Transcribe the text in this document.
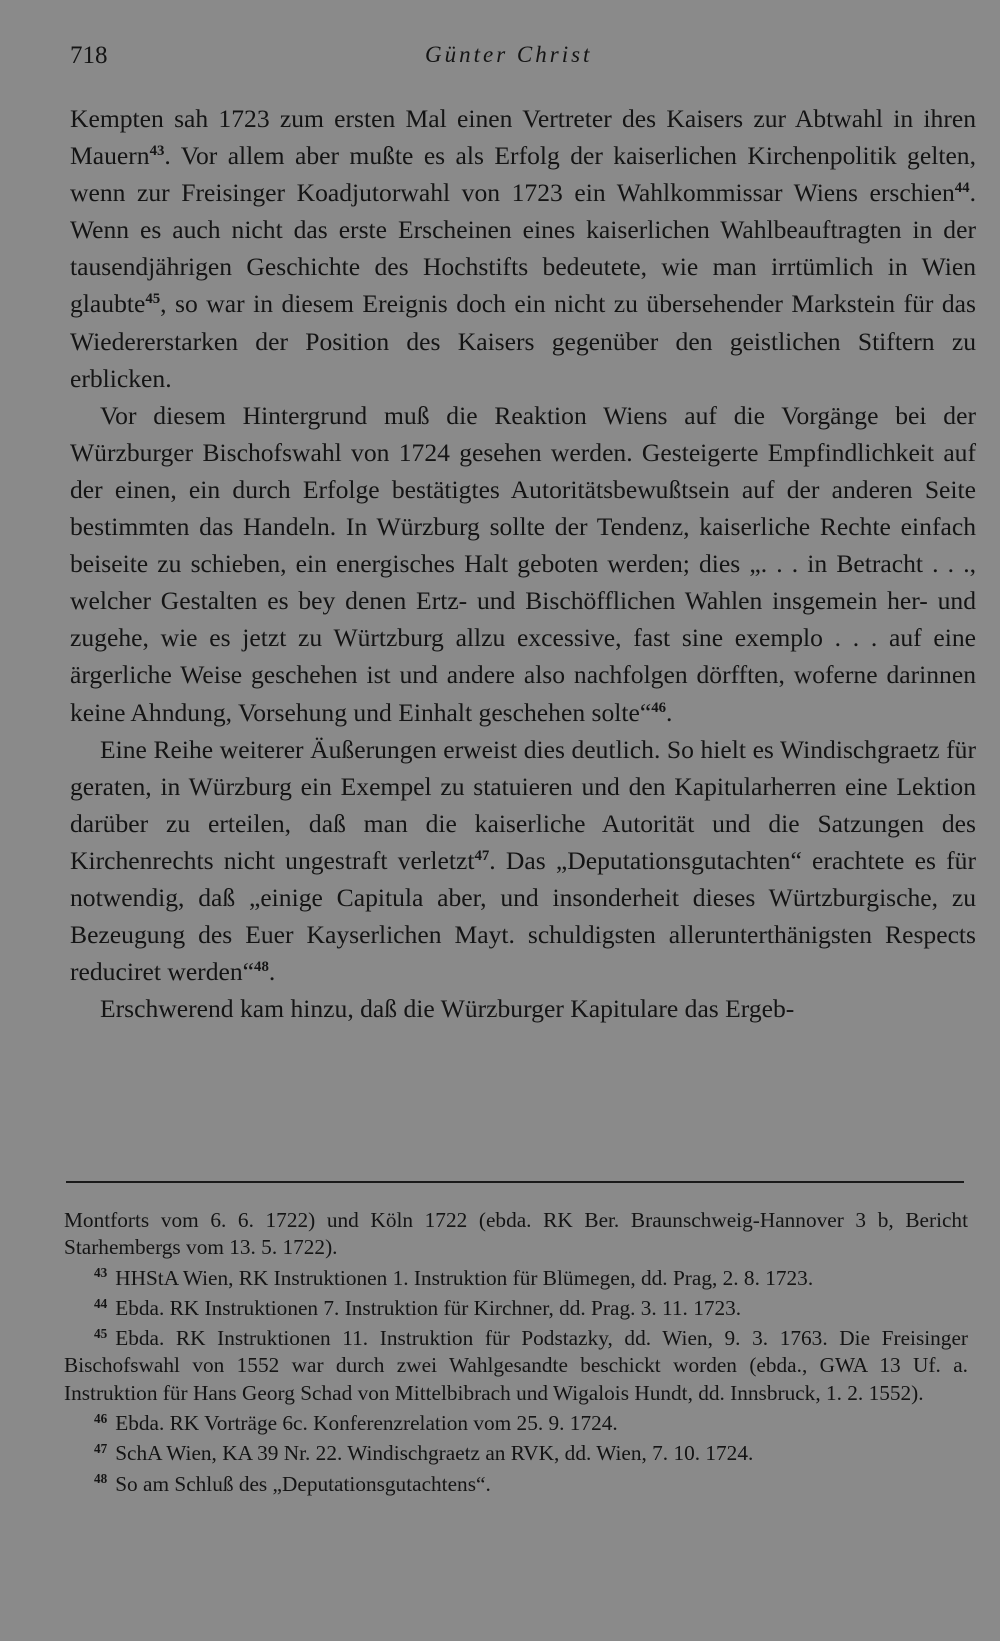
718	Günter Christ

Kempten sah 1723 zum ersten Mal einen Vertreter des Kaisers zur Abtwahl in ihren Mauern$^{43}$. Vor allem aber mußte es als Erfolg der kaiserlichen Kirchenpolitik gelten, wenn zur Freisinger Koadjutorwahl von 1723 ein Wahlkommissar Wiens erschien$^{44}$. Wenn es auch nicht das erste Erscheinen eines kaiserlichen Wahlbeauftragten in der tausendjährigen Geschichte des Hochstifts bedeutete, wie man irrtümlich in Wien glaubte$^{45}$, so war in diesem Ereignis doch ein nicht zu übersehender Markstein für das Wiedererstarken der Position des Kaisers gegenüber den geistlichen Stiftern zu erblicken.

Vor diesem Hintergrund muß die Reaktion Wiens auf die Vorgänge bei der Würzburger Bischofswahl von 1724 gesehen werden. Gesteigerte Empfindlichkeit auf der einen, ein durch Erfolge bestätigtes Autoritätsbewußtsein auf der anderen Seite bestimmten das Handeln. In Würzburg sollte der Tendenz, kaiserliche Rechte einfach beiseite zu schieben, ein energisches Halt geboten werden; dies „. . . in Betracht . . ., welcher Gestalten es bey denen Ertz- und Bischöfflichen Wahlen insgemein her- und zugehe, wie es jetzt zu Würtzburg allzu excessive, fast sine exemplo . . . auf eine ärgerliche Weise geschehen ist und andere also nachfolgen dörfften, woferne darinnen keine Ahndung, Vorsehung und Einhalt geschehen solte“$^{46}$.

Eine Reihe weiterer Äußerungen erweist dies deutlich. So hielt es Windischgraetz für geraten, in Würzburg ein Exempel zu statuieren und den Kapitularherren eine Lektion darüber zu erteilen, daß man die kaiserliche Autorität und die Satzungen des Kirchenrechts nicht ungestraft verletzt$^{47}$. Das „Deputationsgutachten“ erachtete es für notwendig, daß „einige Capitula aber, und insonderheit dieses Würtzburgische, zu Bezeugung des Euer Kayserlichen Mayt. schuldigsten allerunterthänigsten Respects reduciret werden“$^{48}$.

Erschwerend kam hinzu, daß die Würzburger Kapitulare das Ergeb-

Montforts vom 6. 6. 1722) und Köln 1722 (ebda. RK Ber. Braunschweig-Hannover 3 b, Bericht Starhembergs vom 13. 5. 1722).

$^{43}$ HHStA Wien, RK Instruktionen 1. Instruktion für Blümegen, dd. Prag, 2. 8. 1723.

$^{44}$ Ebda. RK Instruktionen 7. Instruktion für Kirchner, dd. Prag. 3. 11. 1723.

$^{45}$ Ebda. RK Instruktionen 11. Instruktion für Podstazky, dd. Wien, 9. 3. 1763. Die Freisinger Bischofswahl von 1552 war durch zwei Wahlgesandte beschickt worden (ebda., GWA 13 Uf. a. Instruktion für Hans Georg Schad von Mittelbibrach und Wigalois Hundt, dd. Innsbruck, 1. 2. 1552).

$^{46}$ Ebda. RK Vorträge 6c. Konferenzrelation vom 25. 9. 1724.

$^{47}$ SchA Wien, KA 39 Nr. 22. Windischgraetz an RVK, dd. Wien, 7. 10. 1724.

$^{48}$ So am Schluß des „Deputationsgutachtens“.
